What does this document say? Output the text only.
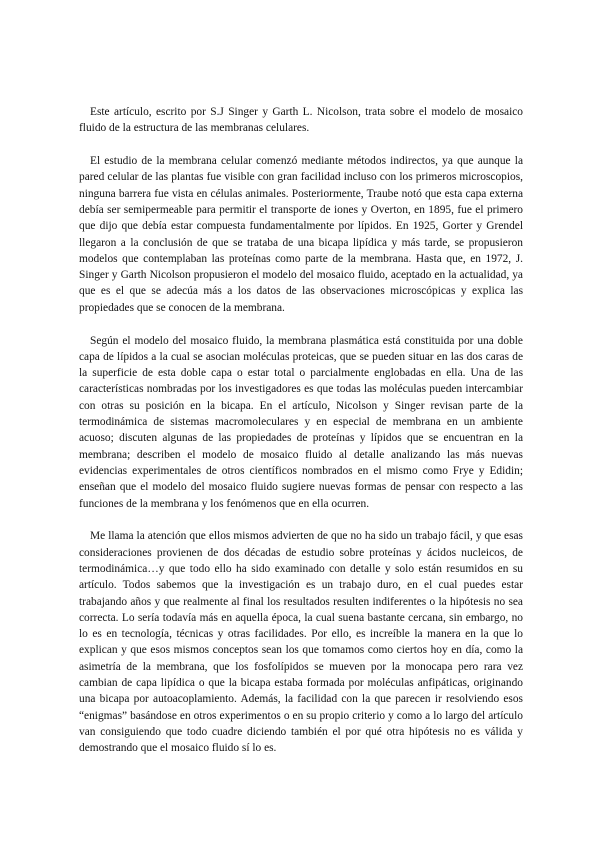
Este artículo, escrito por S.J Singer y Garth L. Nicolson, trata sobre el modelo de mosaico fluido de la estructura de las membranas celulares.

El estudio de la membrana celular comenzó mediante métodos indirectos, ya que aunque la pared celular de las plantas fue visible con gran facilidad incluso con los primeros microscopios, ninguna barrera fue vista en células animales. Posteriormente, Traube notó que esta capa externa debía ser semipermeable para permitir el transporte de iones y Overton, en 1895, fue el primero que dijo que debía estar compuesta fundamentalmente por lípidos. En 1925, Gorter y Grendel llegaron a la conclusión de que se trataba de una bicapa lipídica y más tarde, se propusieron modelos que contemplaban las proteínas como parte de la membrana. Hasta que, en 1972, J. Singer y Garth Nicolson propusieron el modelo del mosaico fluido, aceptado en la actualidad, ya que es el que se adecúa más a los datos de las observaciones microscópicas y explica las propiedades que se conocen de la membrana.

Según el modelo del mosaico fluido, la membrana plasmática está constituida por una doble capa de lípidos a la cual se asocian moléculas proteicas, que se pueden situar en las dos caras de la superficie de esta doble capa o estar total o parcialmente englobadas en ella. Una de las características nombradas por los investigadores es que todas las moléculas pueden intercambiar con otras su posición en la bicapa. En el artículo, Nicolson y Singer revisan parte de la termodinámica de sistemas macromoleculares y en especial de membrana en un ambiente acuoso; discuten algunas de las propiedades de proteínas y lípidos que se encuentran en la membrana; describen el modelo de mosaico fluido al detalle analizando las más nuevas evidencias experimentales de otros científicos nombrados en el mismo como Frye y Edidin; enseñan que el modelo del mosaico fluido sugiere nuevas formas de pensar con respecto a las funciones de la membrana y los fenómenos que en ella ocurren.

Me llama la atención que ellos mismos advierten de que no ha sido un trabajo fácil, y que esas consideraciones provienen de dos décadas de estudio sobre proteínas y ácidos nucleicos, de termodinámica…y que todo ello ha sido examinado con detalle y solo están resumidos en su artículo. Todos sabemos que la investigación es un trabajo duro, en el cual puedes estar trabajando años y que realmente al final los resultados resulten indiferentes o la hipótesis no sea correcta. Lo sería todavía más en aquella época, la cual suena bastante cercana, sin embargo, no lo es en tecnología, técnicas y otras facilidades. Por ello, es increíble la manera en la que lo explican y que esos mismos conceptos sean los que tomamos como ciertos hoy en día, como la asimetría de la membrana, que los fosfolípidos se mueven por la monocapa pero rara vez cambian de capa lipídica o que la bicapa estaba formada por moléculas anfipáticas, originando una bicapa por autoacoplamiento. Además, la facilidad con la que parecen ir resolviendo esos “enigmas” basándose en otros experimentos o en su propio criterio y como a lo largo del artículo van consiguiendo que todo cuadre diciendo también el por qué otra hipótesis no es válida y demostrando que el mosaico fluido sí lo es.
